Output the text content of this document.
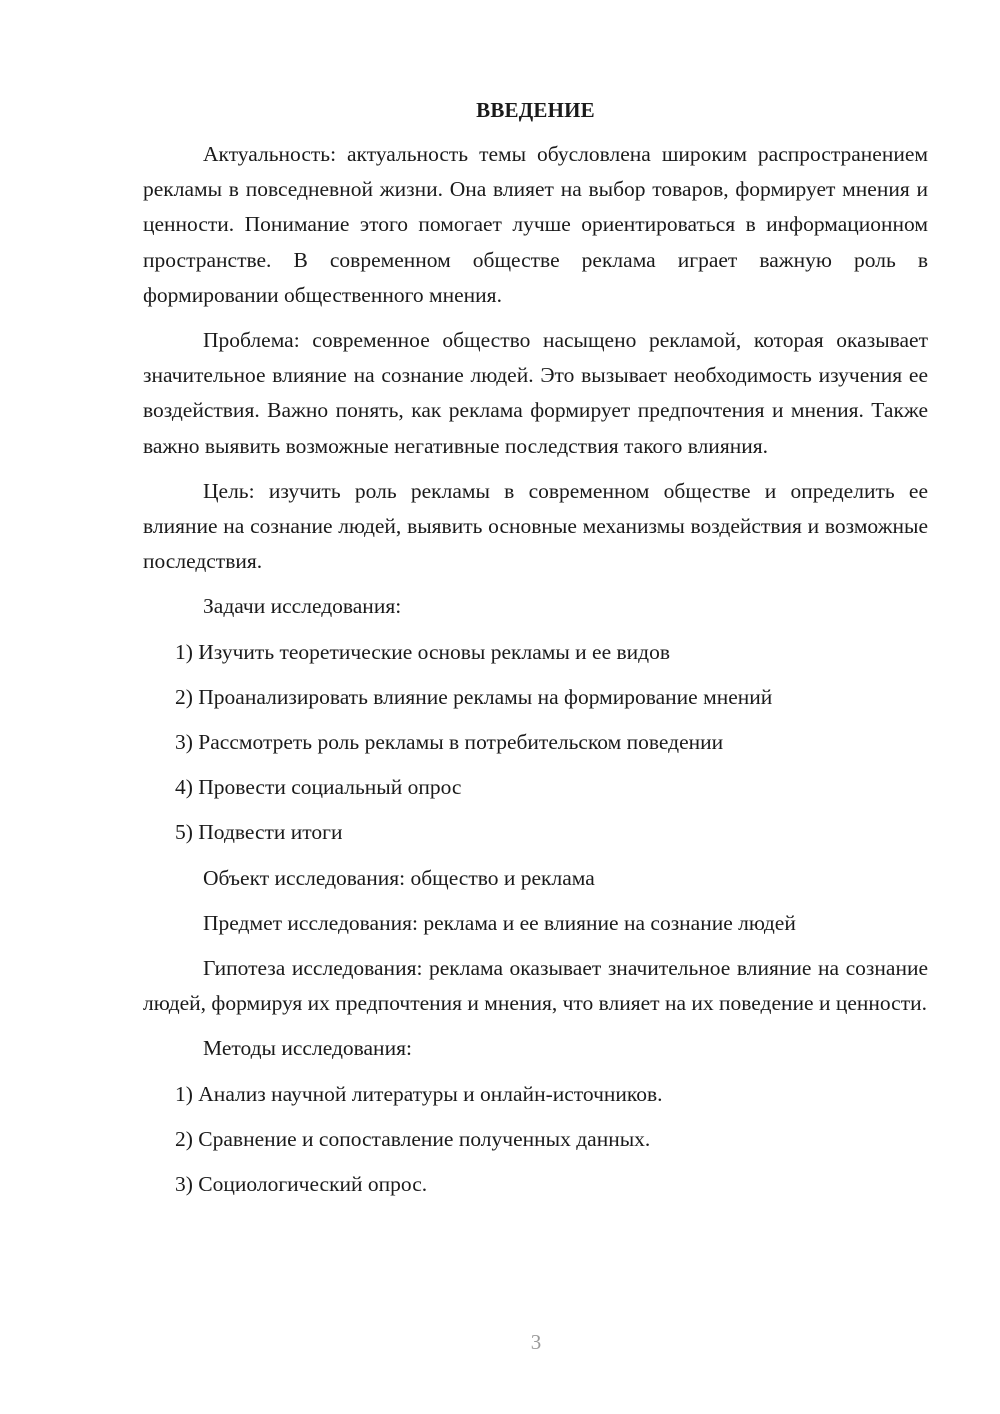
ВВЕДЕНИЕ

Актуальность: актуальность темы обусловлена широким распространением рекламы в повседневной жизни. Она влияет на выбор товаров, формирует мнения и ценности. Понимание этого помогает лучше ориентироваться в информационном пространстве. В современном обществе реклама играет важную роль в формировании общественного мнения.

Проблема: современное общество насыщено рекламой, которая оказывает значительное влияние на сознание людей. Это вызывает необходимость изучения ее воздействия. Важно понять, как реклама формирует предпочтения и мнения. Также важно выявить возможные негативные последствия такого влияния.

Цель: изучить роль рекламы в современном обществе и определить ее влияние на сознание людей, выявить основные механизмы воздействия и возможные последствия.

Задачи исследования:

1) Изучить теоретические основы рекламы и ее видов

2) Проанализировать влияние рекламы на формирование мнений

3) Рассмотреть роль рекламы в потребительском поведении

4) Провести социальный опрос

5) Подвести итоги

Объект исследования: общество и реклама

Предмет исследования: реклама и ее влияние на сознание людей

Гипотеза исследования: реклама оказывает значительное влияние на сознание людей, формируя их предпочтения и мнения, что влияет на их поведение и ценности.

Методы исследования:

1) Анализ научной литературы и онлайн-источников.

2) Сравнение и сопоставление полученных данных.

3) Социологический опрос.

3
